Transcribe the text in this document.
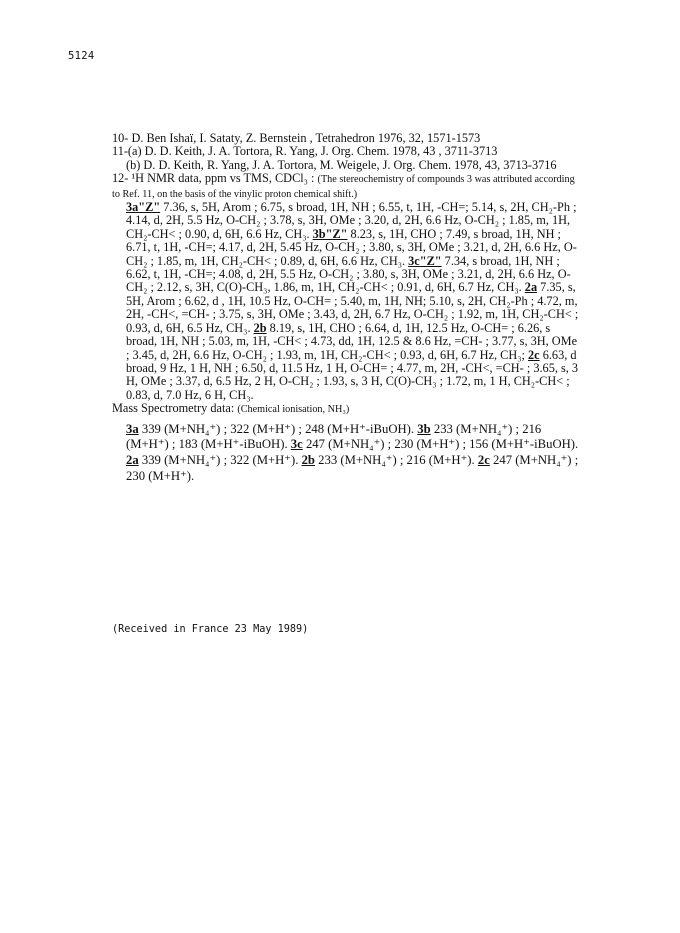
5124

10- D. Ben Ishaï, I. Sataty, Z. Bernstein , Tetrahedron 1976, 32, 1571-1573

11-(a) D. D. Keith, J. A. Tortora, R. Yang, J. Org. Chem. 1978, 43 , 3711-3713

(b) D. D. Keith, R. Yang, J. A. Tortora, M. Weigele, J. Org. Chem. 1978, 43, 3713-3716

12- ¹H NMR data, ppm vs TMS, CDCl₃ : (The stereochemistry of compounds 3 was attributed according to Ref. 11, on the basis of the vinylic proton chemical shift.)

3a"Z" 7.36, s, 5H, Arom ; 6.75, s broad, 1H, NH ; 6.55, t, 1H, -CH=; 5.14, s, 2H, CH₂-Ph ; 4.14, d, 2H, 5.5 Hz, O-CH₂ ; 3.78, s, 3H, OMe ; 3.20, d, 2H, 6.6 Hz, O-CH₂ ; 1.85, m, 1H, CH₂-CH< ; 0.90, d, 6H, 6.6 Hz, CH₃. 3b"Z" 8.23, s, 1H, CHO ; 7.49, s broad, 1H, NH ; 6.71, t, 1H, -CH=; 4.17, d, 2H, 5.45 Hz, O-CH₂ ; 3.80, s, 3H, OMe ; 3.21, d, 2H, 6.6 Hz, O-CH₂ ; 1.85, m, 1H, CH₂-CH< ; 0.89, d, 6H, 6.6 Hz, CH₃. 3c"Z" 7.34, s broad, 1H, NH ; 6.62, t, 1H, -CH=; 4.08, d, 2H, 5.5 Hz, O-CH₂ ; 3.80, s, 3H, OMe ; 3.21, d, 2H, 6.6 Hz, O-CH₂ ; 2.12, s, 3H, C(O)-CH₃, 1.86, m, 1H, CH₂-CH< ; 0.91, d, 6H, 6.7 Hz, CH₃. 2a 7.35, s, 5H, Arom ; 6.62, d , 1H, 10.5 Hz, O-CH= ; 5.40, m, 1H, NH; 5.10, s, 2H, CH₂-Ph ; 4.72, m, 2H, -CH<, =CH- ; 3.75, s, 3H, OMe ; 3.43, d, 2H, 6.7 Hz, O-CH₂ ; 1.92, m, 1H, CH₂-CH< ; 0.93, d, 6H, 6.5 Hz, CH₃. 2b 8.19, s, 1H, CHO ; 6.64, d, 1H, 12.5 Hz, O-CH= ; 6.26, s broad, 1H, NH ; 5.03, m, 1H, -CH< ; 4.73, dd, 1H, 12.5 & 8.6 Hz, =CH- ; 3.77, s, 3H, OMe ; 3.45, d, 2H, 6.6 Hz, O-CH₂ ; 1.93, m, 1H, CH₂-CH< ; 0.93, d, 6H, 6.7 Hz, CH₃; 2c 6.63, d broad, 9 Hz, 1 H, NH ; 6.50, d, 11.5 Hz, 1 H, O-CH= ; 4.77, m, 2H, -CH<, =CH- ; 3.65, s, 3 H, OMe ; 3.37, d, 6.5 Hz, 2 H, O-CH₂ ; 1.93, s, 3 H, C(O)-CH₃ ; 1.72, m, 1 H, CH₂-CH< ; 0.83, d, 7.0 Hz, 6 H, CH₃.

Mass Spectrometry data: (Chemical ionisation, NH₃)

3a 339 (M+NH₄⁺) ; 322 (M+H⁺) ; 248 (M+H⁺-iBuOH). 3b 233 (M+NH₄⁺) ; 216 (M+H⁺) ; 183 (M+H⁺-iBuOH). 3c 247 (M+NH₄⁺) ; 230 (M+H⁺) ; 156 (M+H⁺-iBuOH). 2a 339 (M+NH₄⁺) ; 322 (M+H⁺). 2b 233 (M+NH₄⁺) ; 216 (M+H⁺). 2c 247 (M+NH₄⁺) ; 230 (M+H⁺).

(Received in France 23 May 1989)
